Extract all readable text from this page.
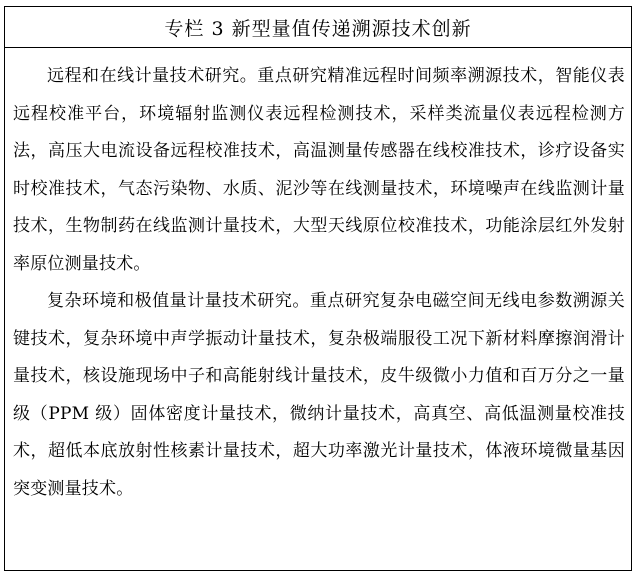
专栏 3 新型量值传递溯源技术创新

远程和在线计量技术研究。重点研究精准远程时间频率溯源技术，智能仪表远程校准平台，环境辐射监测仪表远程检测技术，采样类流量仪表远程检测方法，高压大电流设备远程校准技术，高温测量传感器在线校准技术，诊疗设备实时校准技术，气态污染物、水质、泥沙等在线测量技术，环境噪声在线监测计量技术，生物制药在线监测计量技术，大型天线原位校准技术，功能涂层红外发射率原位测量技术。

复杂环境和极值量计量技术研究。重点研究复杂电磁空间无线电参数溯源关键技术，复杂环境中声学振动计量技术，复杂极端服役工况下新材料摩擦润滑计量技术，核设施现场中子和高能射线计量技术，皮牛级微小力值和百万分之一量级（PPM 级）固体密度计量技术，微纳计量技术，高真空、高低温测量校准技术，超低本底放射性核素计量技术，超大功率激光计量技术，体液环境微量基因突变测量技术。
